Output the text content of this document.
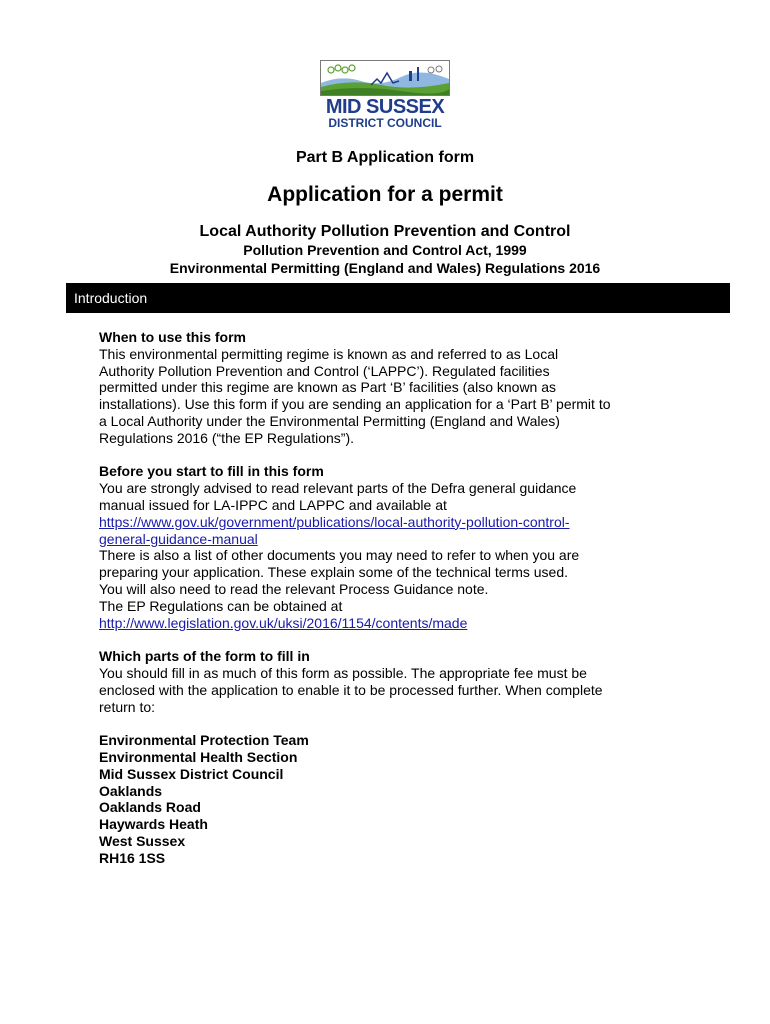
MID SUSSEX
DISTRICT COUNCIL
Part B Application form
Application for a permit
Local Authority Pollution Prevention and Control
Pollution Prevention and Control Act, 1999
Environmental Permitting (England and Wales) Regulations 2016
Introduction

When to use this form

This environmental permitting regime is known as and referred to as Local

Authority Pollution Prevention and Control (‘LAPPC’). Regulated facilities

permitted under this regime are known as Part ‘B’ facilities (also known as

installations). Use this form if you are sending an application for a ‘Part B’ permit to

a Local Authority under the Environmental Permitting (England and Wales)

Regulations 2016 (“the EP Regulations”).

Before you start to fill in this form

You are strongly advised to read relevant parts of the Defra general guidance

manual issued for LA-IPPC and LAPPC and available at

https://www.gov.uk/government/publications/local-authority-pollution-control-

general-guidance-manual

There is also a list of other documents you may need to refer to when you are

preparing your application. These explain some of the technical terms used.

You will also need to read the relevant Process Guidance note.

The EP Regulations can be obtained at

http://www.legislation.gov.uk/uksi/2016/1154/contents/made

Which parts of the form to fill in

You should fill in as much of this form as possible. The appropriate fee must be

enclosed with the application to enable it to be processed further. When complete

return to:

Environmental Protection Team

Environmental Health Section

Mid Sussex District Council

Oaklands

Oaklands Road

Haywards Heath

West Sussex

RH16 1SS
